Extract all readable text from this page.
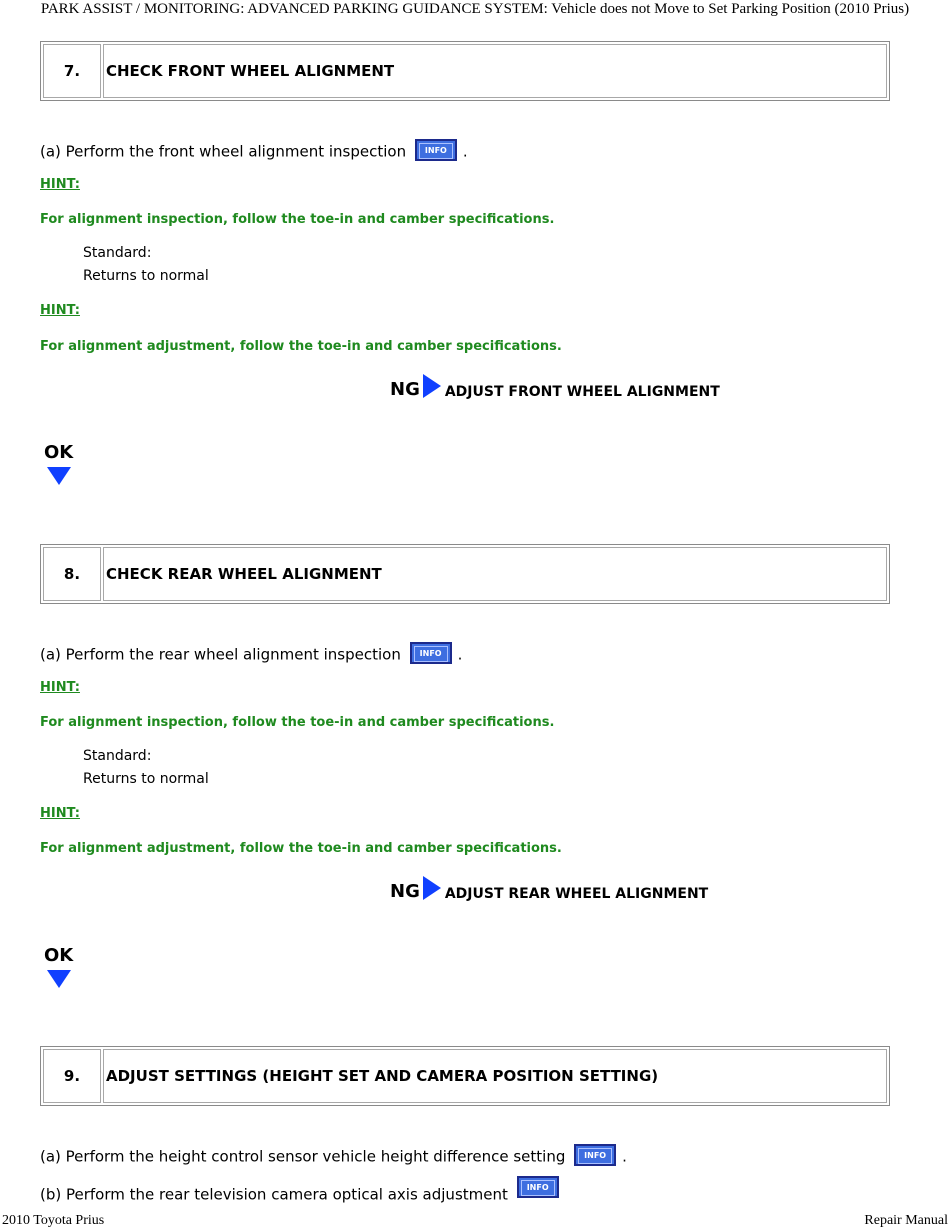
PARK ASSIST / MONITORING: ADVANCED PARKING GUIDANCE SYSTEM: Vehicle does not Move to Set Parking Position (2010 Prius)
7.	CHECK FRONT WHEEL ALIGNMENT
(a) Perform the front wheel alignment inspection	INFO	.
HINT:
For alignment inspection, follow the toe-in and camber specifications.
Standard:
Returns to normal
HINT:
For alignment adjustment, follow the toe-in and camber specifications.
NG ADJUST FRONT WHEEL ALIGNMENT
OK
8.	CHECK REAR WHEEL ALIGNMENT
(a) Perform the rear wheel alignment inspection	INFO	.
HINT:
For alignment inspection, follow the toe-in and camber specifications.
Standard:
Returns to normal
HINT:
For alignment adjustment, follow the toe-in and camber specifications.
NG ADJUST REAR WHEEL ALIGNMENT
OK
9.	ADJUST SETTINGS (HEIGHT SET AND CAMERA POSITION SETTING)
(a) Perform the height control sensor vehicle height difference setting	INFO	.
(b) Perform the rear television camera optical axis adjustment	INFO
2010 Toyota Prius	Repair Manual
